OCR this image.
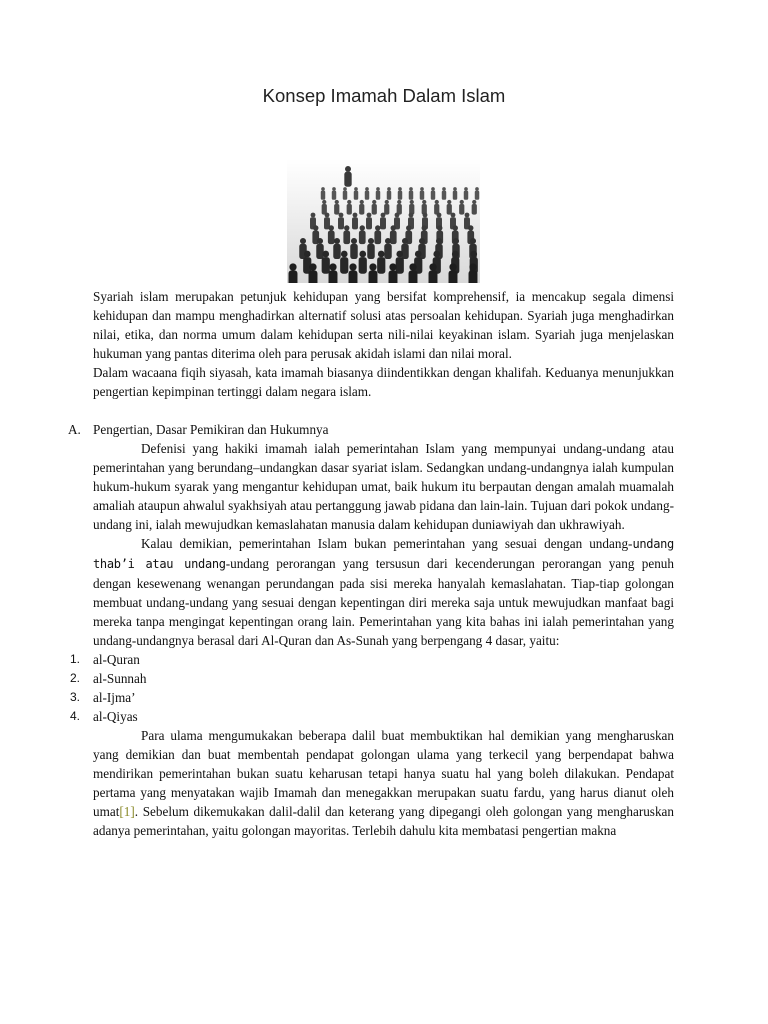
Konsep Imamah Dalam Islam

Syariah islam merupakan petunjuk kehidupan yang bersifat komprehensif, ia mencakup segala dimensi kehidupan dan mampu menghadirkan alternatif solusi atas persoalan kehidupan. Syariah juga menghadirkan nilai, etika, dan norma umum dalam kehidupan serta nili-nilai keyakinan islam. Syariah juga menjelaskan hukuman yang pantas diterima oleh para perusak akidah islami dan nilai moral.

Dalam wacaana fiqih siyasah, kata imamah biasanya diindentikkan dengan khalifah. Keduanya menunjukkan pengertian kepimpinan tertinggi dalam negara islam.

A. Pengertian, Dasar Pemikiran dan Hukumnya

Defenisi yang hakiki imamah ialah pemerintahan Islam yang mempunyai undang-undang atau pemerintahan yang berundang–undangkan dasar syariat islam. Sedangkan undang-undangnya ialah kumpulan hukum-hukum syarak yang mengantur kehidupan umat, baik hukum itu berpautan dengan amalah muamalah amaliah ataupun ahwalul syakhsiyah atau pertanggung jawab pidana dan lain-lain. Tujuan dari pokok undang-undang ini, ialah mewujudkan kemaslahatan manusia dalam kehidupan duniawiyah dan ukhrawiyah.

Kalau demikian, pemerintahan Islam bukan pemerintahan yang sesuai dengan undang-undang thab’i atau undang-undang perorangan yang tersusun dari kecenderungan perorangan yang penuh dengan kesewenang wenangan perundangan pada sisi mereka hanyalah kemaslahatan. Tiap-tiap golongan membuat undang-undang yang sesuai dengan kepentingan diri mereka saja untuk mewujudkan manfaat bagi mereka tanpa mengingat kepentingan orang lain. Pemerintahan yang kita bahas ini ialah pemerintahan yang undang-undangnya berasal dari Al-Quran dan As-Sunah yang berpengang 4 dasar, yaitu:

1. al-Quran
2. al-Sunnah
3. al-Ijma’
4. al-Qiyas

Para ulama mengumukakan beberapa dalil buat membuktikan hal demikian yang mengharuskan yang demikian dan buat membentah pendapat golongan ulama yang terkecil yang berpendapat bahwa mendirikan pemerintahan bukan suatu keharusan tetapi hanya suatu hal yang boleh dilakukan. Pendapat pertama yang menyatakan wajib Imamah dan menegakkan merupakan suatu fardu, yang harus dianut oleh umat[1]. Sebelum dikemukakan dalil-dalil dan keterang yang dipegangi oleh golongan yang mengharuskan adanya pemerintahan, yaitu golongan mayoritas. Terlebih dahulu kita membatasi pengertian makna
